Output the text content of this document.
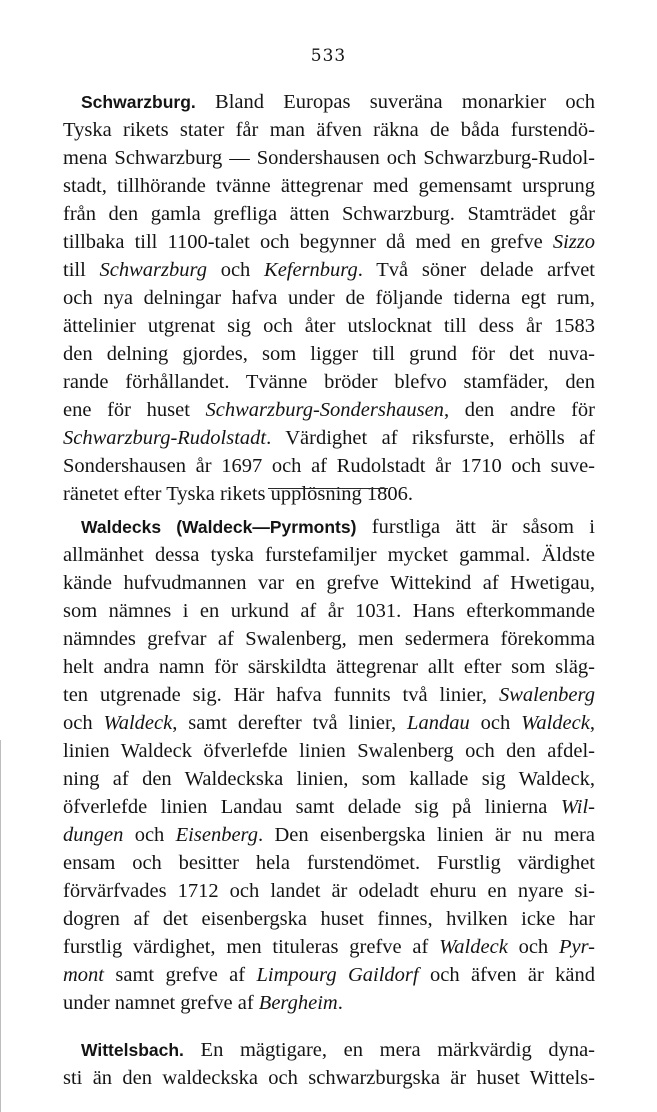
533
Schwarzburg. Bland Europas suveräna monarkier och
Tyska rikets stater får man äfven räkna de båda furstendö-
mena Schwarzburg — Sondershausen och Schwarzburg-Rudol-
stadt, tillhörande tvänne ättegrenar med gemensamt ursprung
från den gamla grefliga ätten Schwarzburg. Stamträdet går
tillbaka till 1100-talet och begynner då med en grefve Sizzo
till Schwarzburg och Kefernburg. Två söner delade arfvet
och nya delningar hafva under de följande tiderna egt rum,
ättelinier utgrenat sig och åter utslocknat till dess år 1583
den delning gjordes, som ligger till grund för det nuva-
rande förhållandet. Tvänne bröder blefvo stamfäder, den
ene för huset Schwarzburg-Sondershausen, den andre för
Schwarzburg-Rudolstadt. Värdighet af riksfurste, erhölls af
Sondershausen år 1697 och af Rudolstadt år 1710 och suve-
ränetet efter Tyska rikets upplösning 1806.
Waldecks (Waldeck—Pyrmonts) furstliga ätt är såsom i
allmänhet dessa tyska furstefamiljer mycket gammal. Äldste
kände hufvudmannen var en grefve Wittekind af Hwetigau,
som nämnes i en urkund af år 1031. Hans efterkommande
nämndes grefvar af Swalenberg, men sedermera förekomma
helt andra namn för särskildta ättegrenar allt efter som släg-
ten utgrenade sig. Här hafva funnits två linier, Swalenberg
och Waldeck, samt derefter två linier, Landau och Waldeck,
linien Waldeck öfverlefde linien Swalenberg och den afdel-
ning af den Waldeckska linien, som kallade sig Waldeck,
öfverlefde linien Landau samt delade sig på linierna Wil-
dungen och Eisenberg. Den eisenbergska linien är nu mera
ensam och besitter hela furstendömet. Furstlig värdighet
förvärfvades 1712 och landet är odeladt ehuru en nyare si-
dogren af det eisenbergska huset finnes, hvilken icke har
furstlig värdighet, men tituleras grefve af Waldeck och Pyr-
mont samt grefve af Limpourg Gaildorf och äfven är känd
under namnet grefve af Bergheim.
Wittelsbach. En mägtigare, en mera märkvärdig dyna-
sti än den waldeckska och schwarzburgska är huset Wittels-
